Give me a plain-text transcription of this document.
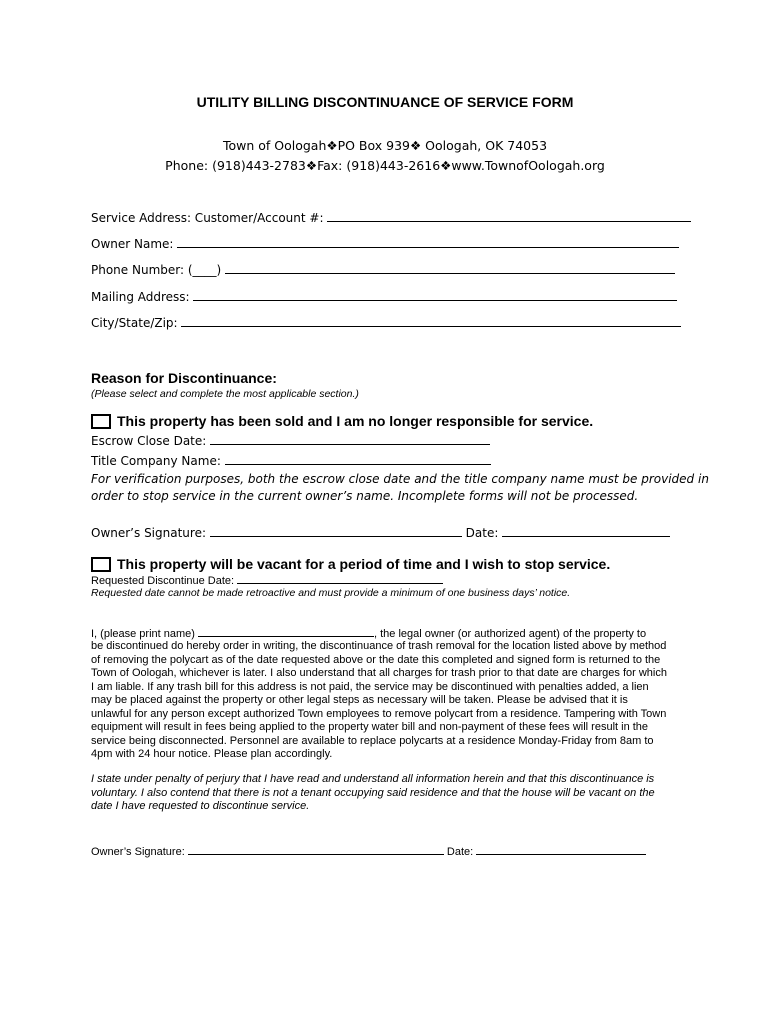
UTILITY BILLING DISCONTINUANCE OF SERVICE FORM
Town of Oologah❖PO Box 939❖ Oologah, OK 74053
Phone: (918)443-2783❖Fax: (918)443-2616❖www.TownofOologah.org
Service Address: Customer/Account #:
Owner Name:
Phone Number: (____)
Mailing Address:
City/State/Zip:
Reason for Discontinuance:
(Please select and complete the most applicable section.)
This property has been sold and I am no longer responsible for service.
Escrow Close Date:
Title Company Name:
For verification purposes, both the escrow close date and the title company name must be provided in
order to stop service in the current owner’s name. Incomplete forms will not be processed.
Owner’s Signature:	Date:
This property will be vacant for a period of time and I wish to stop service.
Requested Discontinue Date:
Requested date cannot be made retroactive and must provide a minimum of one business days’ notice.
I, (please print name)	, the legal owner (or authorized agent) of the property to
be discontinued do hereby order in writing, the discontinuance of trash removal for the location listed above by method of removing the polycart as of the date requested above or the date this completed and signed form is returned to the Town of Oologah, whichever is later. I also understand that all charges for trash prior to that date are charges for which I am liable. If any trash bill for this address is not paid, the service may be discontinued with penalties added, a lien may be placed against the property or other legal steps as necessary will be taken. Please be advised that it is unlawful for any person except authorized Town employees to remove polycart from a residence. Tampering with Town equipment will result in fees being applied to the property water bill and non-payment of these fees will result in the service being disconnected. Personnel are available to replace polycarts at a residence Monday-Friday from 8am to 4pm with 24 hour notice. Please plan accordingly.
I state under penalty of perjury that I have read and understand all information herein and that this discontinuance is voluntary. I also contend that there is not a tenant occupying said residence and that the house will be vacant on the date I have requested to discontinue service.
Owner’s Signature:	Date:
